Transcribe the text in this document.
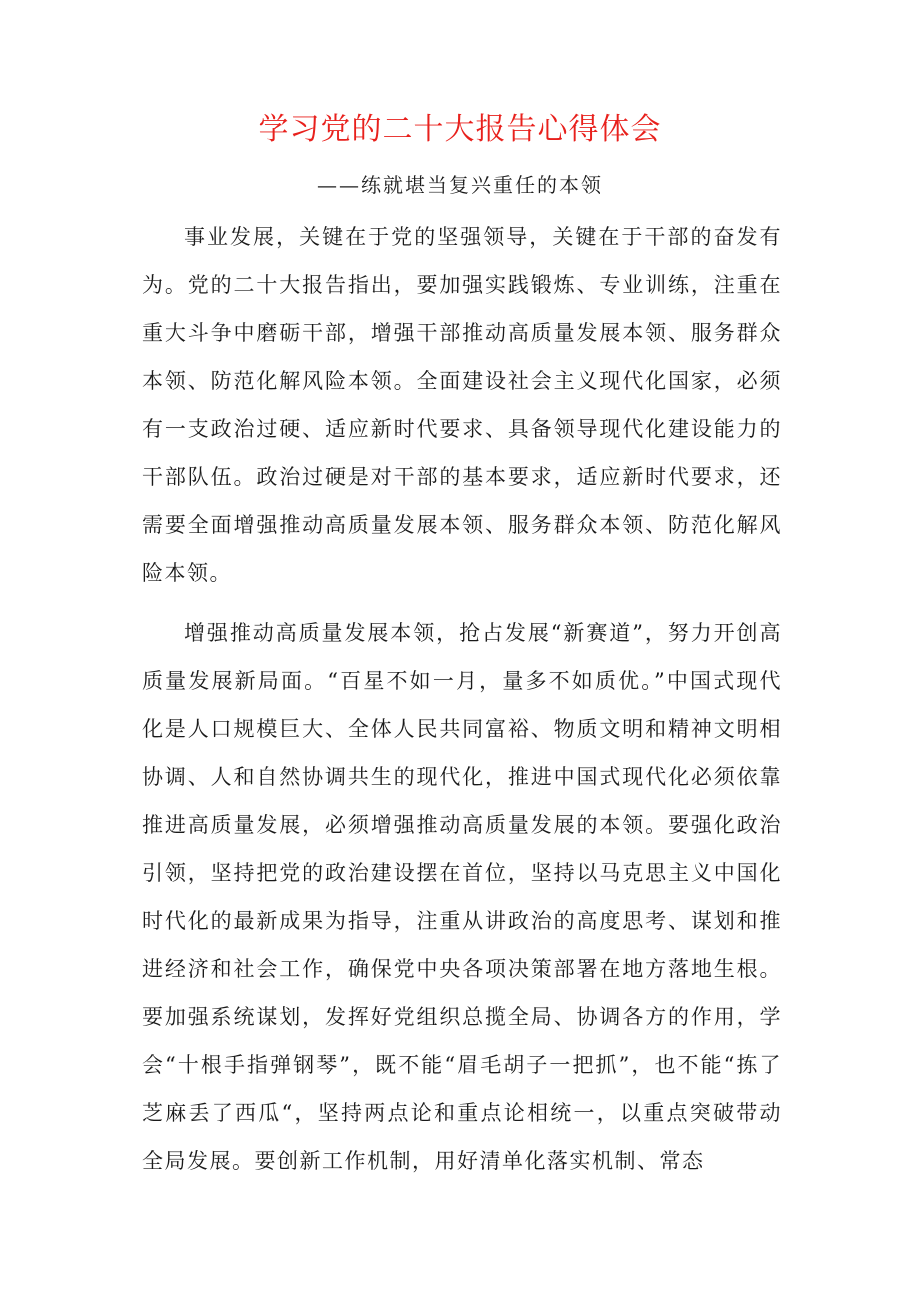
学习党的二十大报告心得体会

——练就堪当复兴重任的本领

事业发展，关键在于党的坚强领导，关键在于干部的奋发有为。党的二十大报告指出，要加强实践锻炼、专业训练，注重在重大斗争中磨砺干部，增强干部推动高质量发展本领、服务群众本领、防范化解风险本领。全面建设社会主义现代化国家，必须有一支政治过硬、适应新时代要求、具备领导现代化建设能力的干部队伍。政治过硬是对干部的基本要求，适应新时代要求，还需要全面增强推动高质量发展本领、服务群众本领、防范化解风险本领。

增强推动高质量发展本领，抢占发展“新赛道”，努力开创高质量发展新局面。“百星不如一月，量多不如质优。”中国式现代化是人口规模巨大、全体人民共同富裕、物质文明和精神文明相协调、人和自然协调共生的现代化，推进中国式现代化必须依靠推进高质量发展，必须增强推动高质量发展的本领。要强化政治引领，坚持把党的政治建设摆在首位，坚持以马克思主义中国化时代化的最新成果为指导，注重从讲政治的高度思考、谋划和推进经济和社会工作，确保党中央各项决策部署在地方落地生根。要加强系统谋划，发挥好党组织总揽全局、协调各方的作用，学会“十根手指弹钢琴”，既不能“眉毛胡子一把抓”，也不能“拣了芝麻丢了西瓜“，坚持两点论和重点论相统一，以重点突破带动全局发展。要创新工作机制，用好清单化落实机制、常态
